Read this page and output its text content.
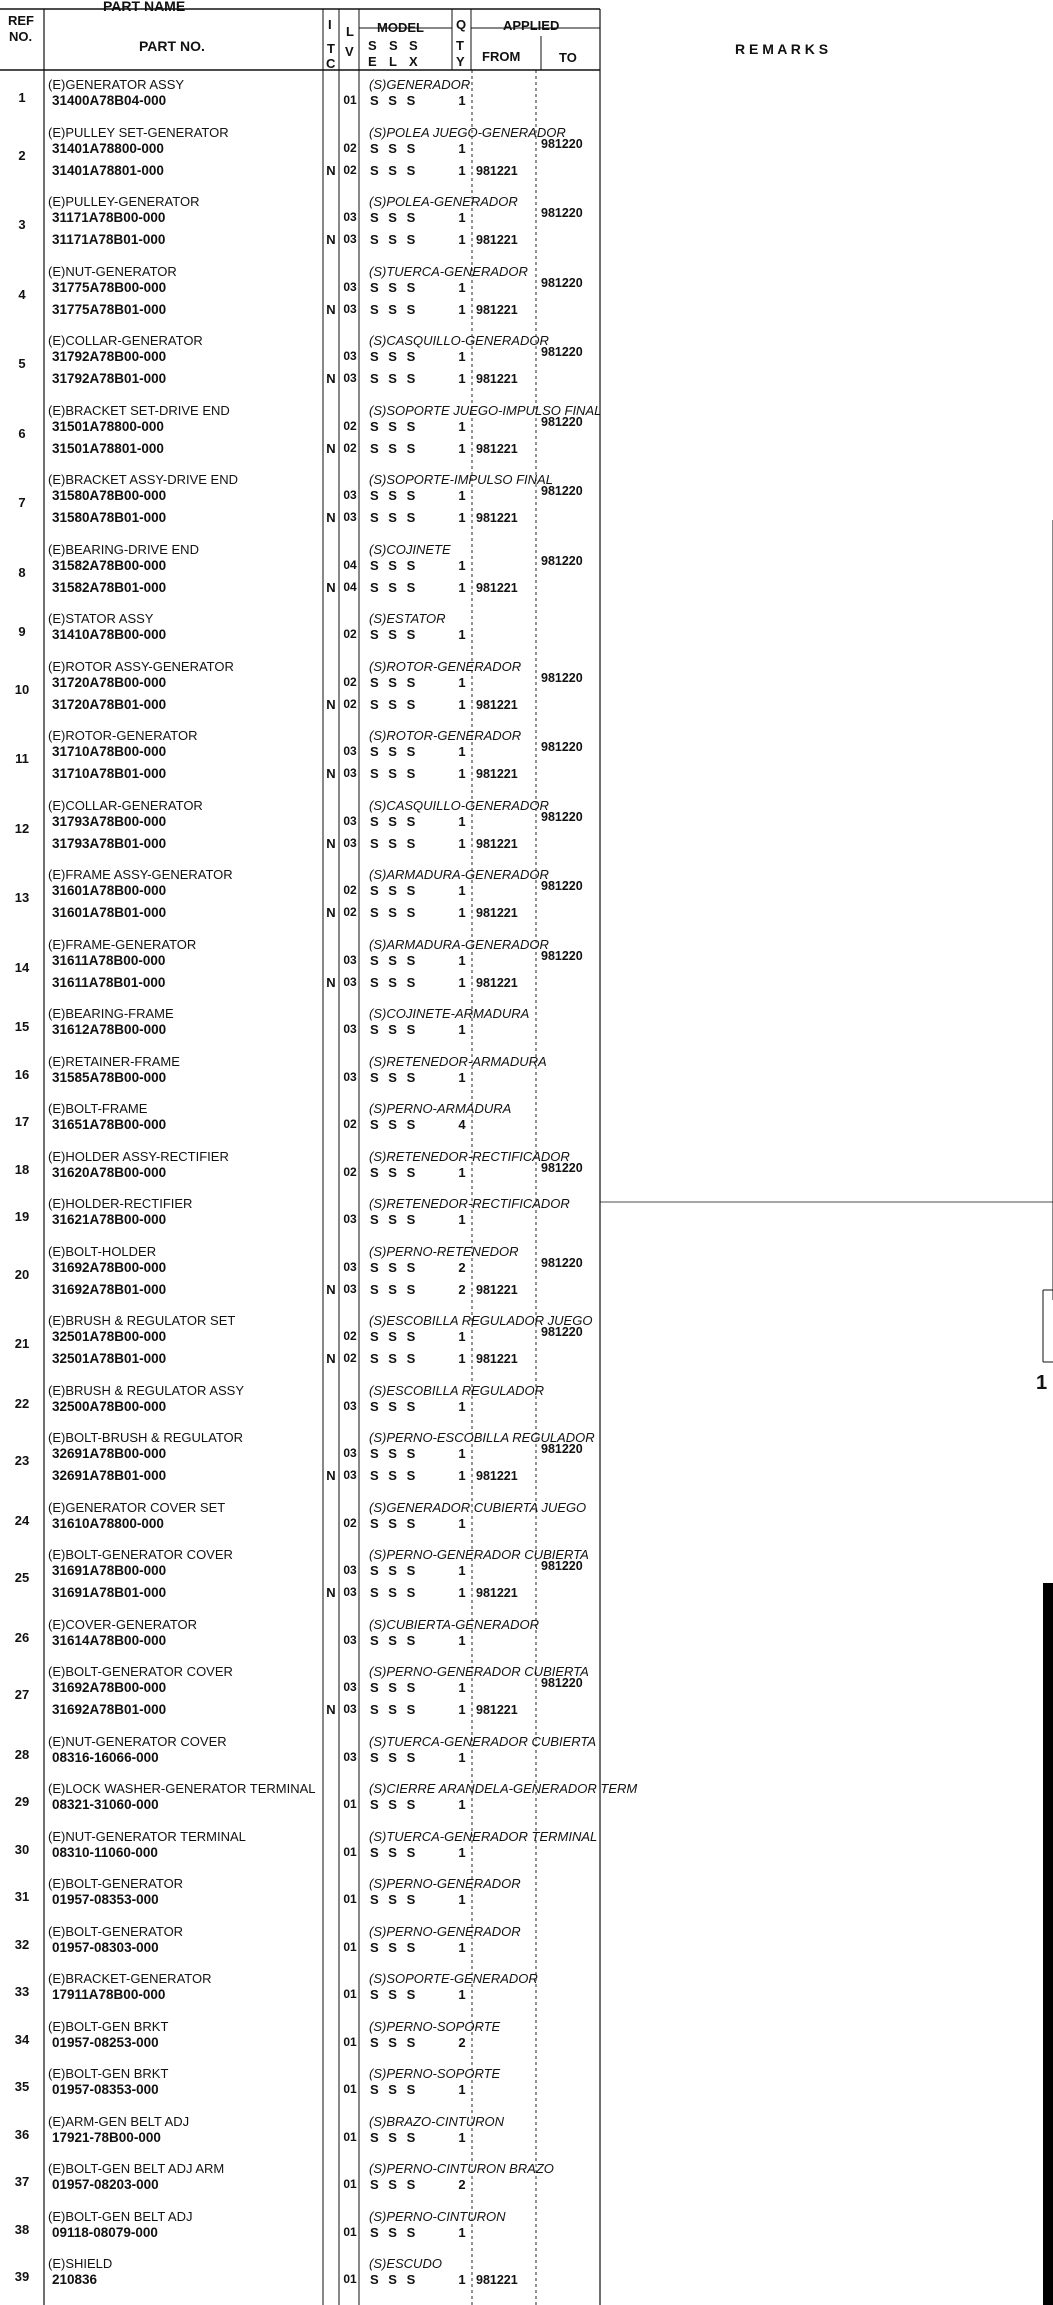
PART NAME
REF
NO.
PART NO.
I
T
C
L
V
MODEL
S S S
E L X
Q
T
Y
APPLIED
FROM	TO
R E M A R K S
1
1
(E)GENERATOR ASSY	(S)GENERADOR
31400A78B04-000	01 S S S	1
2
(E)PULLEY SET-GENERATOR	(S)POLEA JUEGO-GENERADOR
31401A78800-000	02 S S S	1	981220
31401A78801-000	N 02 S S S	1 981221
3
(E)PULLEY-GENERATOR	(S)POLEA-GENERADOR
31171A78B00-000	03 S S S	1	981220
31171A78B01-000	N 03 S S S	1 981221
4
(E)NUT-GENERATOR	(S)TUERCA-GENERADOR
31775A78B00-000	03 S S S	1	981220
31775A78B01-000	N 03 S S S	1 981221
5
(E)COLLAR-GENERATOR	(S)CASQUILLO-GENERADOR
31792A78B00-000	03 S S S	1	981220
31792A78B01-000	N 03 S S S	1 981221
6
(E)BRACKET SET-DRIVE END	(S)SOPORTE JUEGO-IMPULSO FINAL
31501A78800-000	02 S S S	1	981220
31501A78801-000	N 02 S S S	1 981221
7
(E)BRACKET ASSY-DRIVE END	(S)SOPORTE-IMPULSO FINAL
31580A78B00-000	03 S S S	1	981220
31580A78B01-000	N 03 S S S	1 981221
8
(E)BEARING-DRIVE END	(S)COJINETE
31582A78B00-000	04 S S S	1	981220
31582A78B01-000	N 04 S S S	1 981221
9
(E)STATOR ASSY	(S)ESTATOR
31410A78B00-000	02 S S S	1
10
(E)ROTOR ASSY-GENERATOR	(S)ROTOR-GENERADOR
31720A78B00-000	02 S S S	1	981220
31720A78B01-000	N 02 S S S	1 981221
11
(E)ROTOR-GENERATOR	(S)ROTOR-GENERADOR
31710A78B00-000	03 S S S	1	981220
31710A78B01-000	N 03 S S S	1 981221
12
(E)COLLAR-GENERATOR	(S)CASQUILLO-GENERADOR
31793A78B00-000	03 S S S	1	981220
31793A78B01-000	N 03 S S S	1 981221
13
(E)FRAME ASSY-GENERATOR	(S)ARMADURA-GENERADOR
31601A78B00-000	02 S S S	1	981220
31601A78B01-000	N 02 S S S	1 981221
14
(E)FRAME-GENERATOR	(S)ARMADURA-GENERADOR
31611A78B00-000	03 S S S	1	981220
31611A78B01-000	N 03 S S S	1 981221
15
(E)BEARING-FRAME	(S)COJINETE-ARMADURA
31612A78B00-000	03 S S S	1
16
(E)RETAINER-FRAME	(S)RETENEDOR-ARMADURA
31585A78B00-000	03 S S S	1
17
(E)BOLT-FRAME	(S)PERNO-ARMADURA
31651A78B00-000	02 S S S	4
18
(E)HOLDER ASSY-RECTIFIER	(S)RETENEDOR-RECTIFICADOR
31620A78B00-000	02 S S S	1	981220
19
(E)HOLDER-RECTIFIER	(S)RETENEDOR-RECTIFICADOR
31621A78B00-000	03 S S S	1
20
(E)BOLT-HOLDER	(S)PERNO-RETENEDOR
31692A78B00-000	03 S S S	2	981220
31692A78B01-000	N 03 S S S	2 981221
21
(E)BRUSH & REGULATOR SET	(S)ESCOBILLA REGULADOR JUEGO
32501A78B00-000	02 S S S	1	981220
32501A78B01-000	N 02 S S S	1 981221
22
(E)BRUSH & REGULATOR ASSY	(S)ESCOBILLA REGULADOR
32500A78B00-000	03 S S S	1
23
(E)BOLT-BRUSH & REGULATOR	(S)PERNO-ESCOBILLA REGULADOR
32691A78B00-000	03 S S S	1	981220
32691A78B01-000	N 03 S S S	1 981221
24
(E)GENERATOR COVER SET	(S)GENERADOR CUBIERTA JUEGO
31610A78800-000	02 S S S	1
25
(E)BOLT-GENERATOR COVER	(S)PERNO-GENERADOR CUBIERTA
31691A78B00-000	03 S S S	1	981220
31691A78B01-000	N 03 S S S	1 981221
26
(E)COVER-GENERATOR	(S)CUBIERTA-GENERADOR
31614A78B00-000	03 S S S	1
27
(E)BOLT-GENERATOR COVER	(S)PERNO-GENERADOR CUBIERTA
31692A78B00-000	03 S S S	1	981220
31692A78B01-000	N 03 S S S	1 981221
28
(E)NUT-GENERATOR COVER	(S)TUERCA-GENERADOR CUBIERTA
08316-16066-000	03 S S S	1
29
(E)LOCK WASHER-GENERATOR TERMINAL	(S)CIERRE ARANDELA-GENERADOR TERM
08321-31060-000	01 S S S	1
30
(E)NUT-GENERATOR TERMINAL	(S)TUERCA-GENERADOR TERMINAL
08310-11060-000	01 S S S	1
31
(E)BOLT-GENERATOR	(S)PERNO-GENERADOR
01957-08353-000	01 S S S	1
32
(E)BOLT-GENERATOR	(S)PERNO-GENERADOR
01957-08303-000	01 S S S	1
33
(E)BRACKET-GENERATOR	(S)SOPORTE-GENERADOR
17911A78B00-000	01 S S S	1
34
(E)BOLT-GEN BRKT	(S)PERNO-SOPORTE
01957-08253-000	01 S S S	2
35
(E)BOLT-GEN BRKT	(S)PERNO-SOPORTE
01957-08353-000	01 S S S	1
36
(E)ARM-GEN BELT ADJ	(S)BRAZO-CINTURON
17921-78B00-000	01 S S S	1
37
(E)BOLT-GEN BELT ADJ ARM	(S)PERNO-CINTURON BRAZO
01957-08203-000	01 S S S	2
38
(E)BOLT-GEN BELT ADJ	(S)PERNO-CINTURON
09118-08079-000	01 S S S	1
39
(E)SHIELD	(S)ESCUDO
210836	01 S S S	1 981221
